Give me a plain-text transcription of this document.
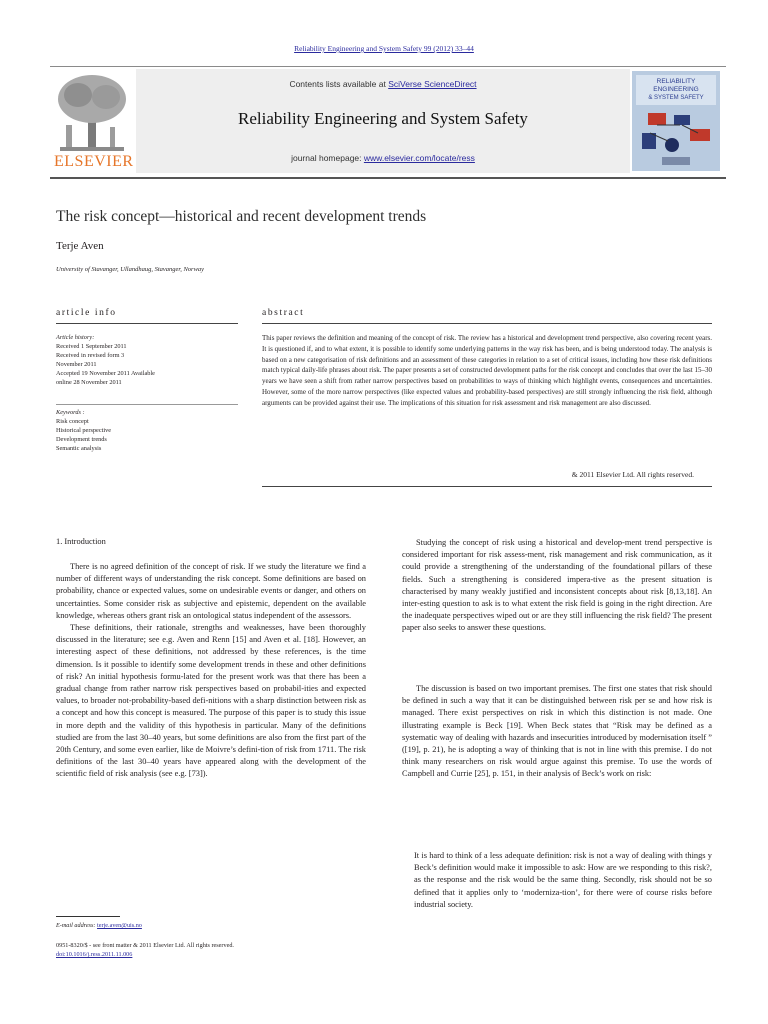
Reliability Engineering and System Safety 99 (2012) 33–44
ELSEVIER
Contents lists available at SciVerse ScienceDirect
Reliability Engineering and System Safety
journal homepage: www.elsevier.com/locate/ress
RELIABILITY
ENGINEERING
& SYSTEM SAFETY
The risk concept—historical and recent development trends
Terje Aven
University of Stavanger, Ullandhaug, Stavanger, Norway
article info	abstract
Article history:
Received 1 September 2011
Received in revised form 3
November 2011
Accepted 19 November 2011 Available
online 28 November 2011
Keywords :
Risk concept
Historical perspective
Development trends
Semantic analysis
This paper reviews the definition and meaning of the concept of risk. The review has a historical and development trend perspective, also covering recent years. It is questioned if, and to what extent, it is possible to identify some underlying patterns in the way risk has been, and is being understood today. The analysis is based on a new categorisation of risk definitions and an assessment of these categories in relation to a set of critical issues, including how these risk definitions match typical daily-life phrases about risk. The paper presents a set of constructed development paths for the risk concept and concludes that over the last 15–30 years we have seen a shift from rather narrow perspectives based on probabilities to ways of thinking which highlight events, consequences and uncertainties. However, some of the more narrow perspectives (like expected values and probability-based perspectives) are still strongly influencing the risk field, although arguments can be provided against their use. The implications of this situation for risk assessment and risk management are also discussed.
& 2011 Elsevier Ltd. All rights reserved.
1. Introduction

There is no agreed definition of the concept of risk. If we study the literature we find a number of different ways of understanding the risk concept. Some definitions are based on probability, chance or expected values, some on undesirable events or danger, and others on uncertainties. Some consider risk as subjective and epistemic, dependent on the available knowledge, whereas others grant risk an ontological status independent of the assessors.

These definitions, their rationale, strengths and weaknesses, have been thoroughly discussed in the literature; see e.g. Aven and Renn [15] and Aven et al. [18]. However, an interesting aspect of these definitions, not addressed by these references, is the time dimension. Is it possible to identify some development trends in these and other definitions of risk? An initial hypothesis formu-lated for the present work was that there has been a gradual change from rather narrow risk perspectives based on probabil-ities and expected values, to broader not-probability-based defi-nitions with a sharp distinction between risk as a concept and how this concept is measured. The purpose of this paper is to study this issue in more depth and the validity of this hypothesis in particular. Many of the definitions studied are from the last 30–40 years, but some definitions are also from the first part of the 20th Century, and some even earlier, like de Moivre’s defini-tion of risk from 1711. The risk definitions of the last 30–40 years have appeared along with the development of the scientific field of risk analysis (see e.g. [73]).

Studying the concept of risk using a historical and develop-ment trend perspective is considered important for risk assess-ment, risk management and risk communication, as it could provide a strengthening of the understanding of the foundational pillars of these fields. Such a strengthening is considered impera-tive as the present situation is characterised by many weakly justified and inconsistent concepts about risk [8,13,18]. An inter-esting question to ask is to what extent the risk field is going in the right direction. Are the inadequate perspectives wiped out or are they still influencing the risk field? The present paper also seeks to answer these questions.

The discussion is based on two important premises. The first one states that risk should be defined in such a way that it can be distinguished between risk per se and how risk is managed. There exist perspectives on risk in which this distinction is not made. One illustrating example is Beck [19]. When Beck states that “Risk may be defined as a systematic way of dealing with hazards and insecurities introduced by modernisation itself ” ([19], p. 21), he is adopting a way of thinking that is not in line with this premise. I do not think many researchers on risk would argue against this premise. To use the words of Campbell and Currie [25], p. 151, in their analysis of Beck’s work on risk:

It is hard to think of a less adequate definition: risk is not a way of dealing with things y Beck’s definition would make it impossible to ask: How are we responding to this risk?, as the response and the risk would be the same thing. Secondly, risk should not be so defined that it applies only to ‘moderniza-tion’, for there were of course risks before industrial society.
E-mail address: terje.aven@uis.no
0951-8320/$ - see front matter & 2011 Elsevier Ltd. All rights reserved.
doi:10.1016/j.ress.2011.11.006
